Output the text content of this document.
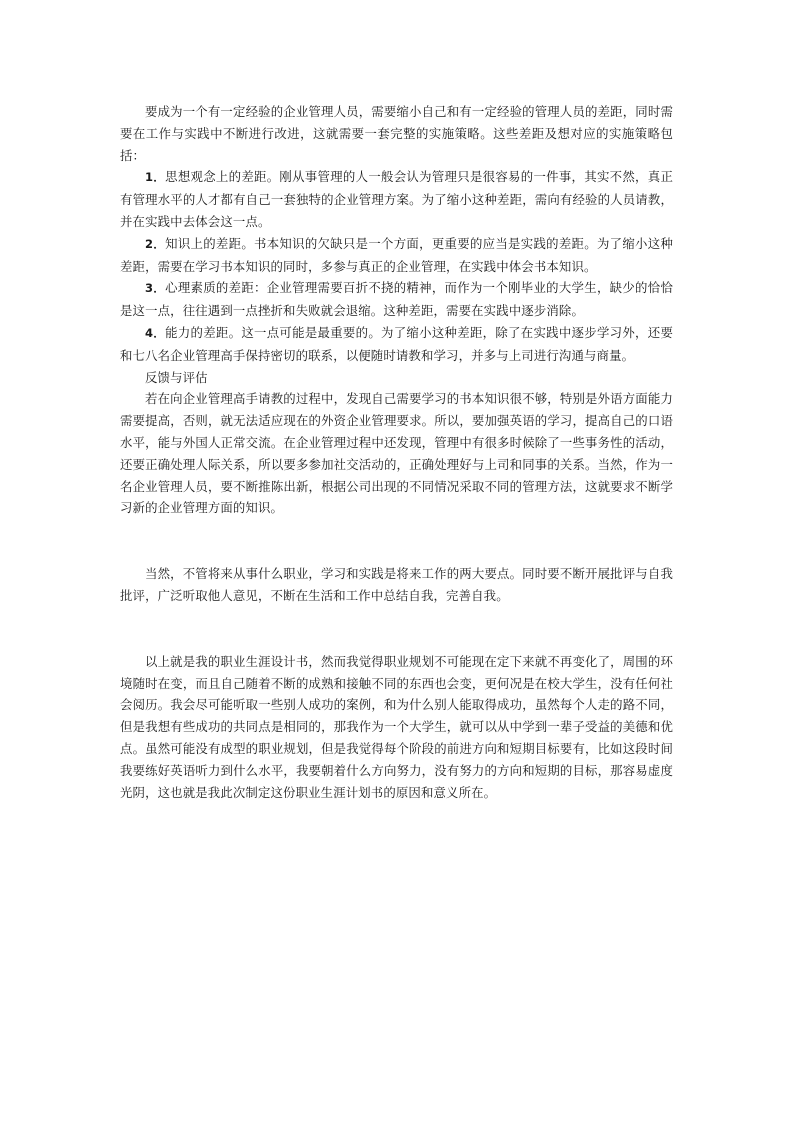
要成为一个有一定经验的企业管理人员，需要缩小自己和有一定经验的管理人员的差距，同时需要在工作与实践中不断进行改进，这就需要一套完整的实施策略。这些差距及想对应的实施策略包括：

1．思想观念上的差距。刚从事管理的人一般会认为管理只是很容易的一件事，其实不然，真正有管理水平的人才都有自己一套独特的企业管理方案。为了缩小这种差距，需向有经验的人员请教，并在实践中去体会这一点。

2．知识上的差距。书本知识的欠缺只是一个方面，更重要的应当是实践的差距。为了缩小这种差距，需要在学习书本知识的同时，多参与真正的企业管理，在实践中体会书本知识。

3．心理素质的差距：企业管理需要百折不挠的精神，而作为一个刚毕业的大学生，缺少的恰恰是这一点，往往遇到一点挫折和失败就会退缩。这种差距，需要在实践中逐步消除。

4．能力的差距。这一点可能是最重要的。为了缩小这种差距，除了在实践中逐步学习外，还要和七八名企业管理高手保持密切的联系，以便随时请教和学习，并多与上司进行沟通与商量。

反馈与评估

若在向企业管理高手请教的过程中，发现自己需要学习的书本知识很不够，特别是外语方面能力需要提高，否则，就无法适应现在的外资企业管理要求。所以，要加强英语的学习，提高自己的口语水平，能与外国人正常交流。在企业管理过程中还发现，管理中有很多时候除了一些事务性的活动，还要正确处理人际关系，所以要多参加社交活动的，正确处理好与上司和同事的关系。当然，作为一名企业管理人员，要不断推陈出新，根据公司出现的不同情况采取不同的管理方法，这就要求不断学习新的企业管理方面的知识。

当然，不管将来从事什么职业，学习和实践是将来工作的两大要点。同时要不断开展批评与自我批评，广泛听取他人意见，不断在生活和工作中总结自我，完善自我。

以上就是我的职业生涯设计书，然而我觉得职业规划不可能现在定下来就不再变化了，周围的环境随时在变，而且自己随着不断的成熟和接触不同的东西也会变，更何况是在校大学生，没有任何社会阅历。我会尽可能听取一些别人成功的案例，和为什么别人能取得成功，虽然每个人走的路不同，但是我想有些成功的共同点是相同的，那我作为一个大学生，就可以从中学到一辈子受益的美德和优点。虽然可能没有成型的职业规划，但是我觉得每个阶段的前进方向和短期目标要有，比如这段时间我要练好英语听力到什么水平，我要朝着什么方向努力，没有努力的方向和短期的目标，那容易虚度光阴，这也就是我此次制定这份职业生涯计划书的原因和意义所在。
